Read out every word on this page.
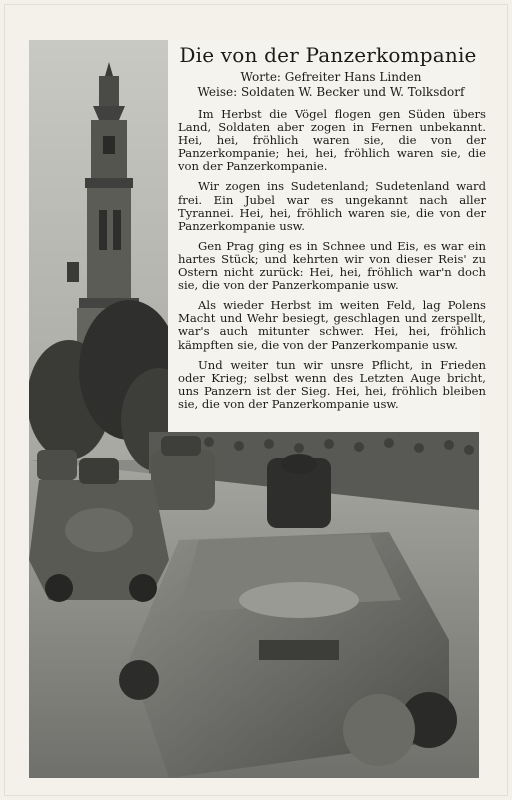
Die von der Panzerkompanie
Worte: Gefreiter Hans Linden
Weise: Soldaten W. Becker und W. Tolksdorf

Im Herbst die Vögel flogen gen Süden übers Land, Soldaten aber zogen in Fernen unbekannt. Hei, hei, fröhlich waren sie, die von der Panzerkompanie; hei, hei, fröhlich waren sie, die von der Panzerkompanie.

Wir zogen ins Sudetenland; Sudetenland ward frei. Ein Jubel war es ungekannt nach aller Tyrannei. Hei, hei, fröhlich waren sie, die von der Panzerkompanie usw.

Gen Prag ging es in Schnee und Eis, es war ein hartes Stück; und kehrten wir von dieser Reis' zu Ostern nicht zurück: Hei, hei, fröhlich war'n doch sie, die von der Panzerkompanie usw.

Als wieder Herbst im weiten Feld, lag Polens Macht und Wehr besiegt, geschlagen und zerspellt, war's auch mitunter schwer. Hei, hei, fröhlich kämpften sie, die von der Panzerkompanie usw.

Und weiter tun wir unsre Pflicht, in Frieden oder Krieg; selbst wenn des Letzten Auge bricht, uns Panzern ist der Sieg. Hei, hei, fröhlich bleiben sie, die von der Panzerkompanie usw.
